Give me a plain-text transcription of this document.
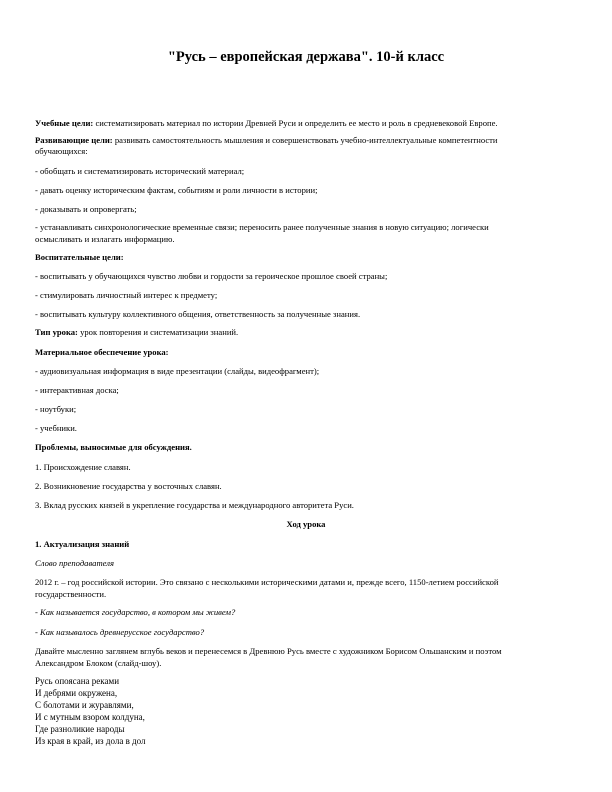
"Русь – европейская держава". 10-й класс

Учебные цели: систематизировать материал по истории Древней Руси и определить ее место и роль в средневековой Европе.

Развивающие цели: развивать самостоятельность мышления и совершенствовать учебно-интеллектуальные компетентности

обучающихся:

- обобщать и систематизировать исторический материал;

- давать оценку историческим фактам, событиям и роли личности в истории;

- доказывать и опровергать;

- устанавливать синхронологические временные связи; переносить ранее полученные знания в новую ситуацию; логически

осмысливать и излагать информацию.

Воспитательные цели:

- воспитывать у обучающихся чувство любви и гордости за героическое прошлое своей страны;

- стимулировать личностный интерес к предмету;

- воспитывать культуру коллективного общения, ответственность за полученные знания.

Тип урока: урок повторения и систематизации знаний.

Материальное обеспечение урока:

- аудиовизуальная информация в виде презентации (слайды, видеофрагмент);

- интерактивная доска;

- ноутбуки;

- учебники.

Проблемы, выносимые для обсуждения.

1. Происхождение славян.

2. Возникновение государства у восточных славян.

3. Вклад русских князей в укрепление государства и международного авторитета Руси.

Ход урока

1. Актуализация знаний

Слово преподавателя

2012 г. – год российской истории. Это связано с несколькими историческими датами и, прежде всего, 1150-летием российской

государственности.

- Как называется государство, в котором мы живем?

- Как называлось древнерусское государство?

Давайте мысленно заглянем вглубь веков и перенесемся в Древнюю Русь вместе с художником Борисом Ольшанским и поэтом

Александром Блоком (слайд-шоу).

Русь опоясана реками

И дебрями окружена,

С болотами и журавлями,

И с мутным взором колдуна,

Где разноликие народы

Из края в край, из дола в дол
